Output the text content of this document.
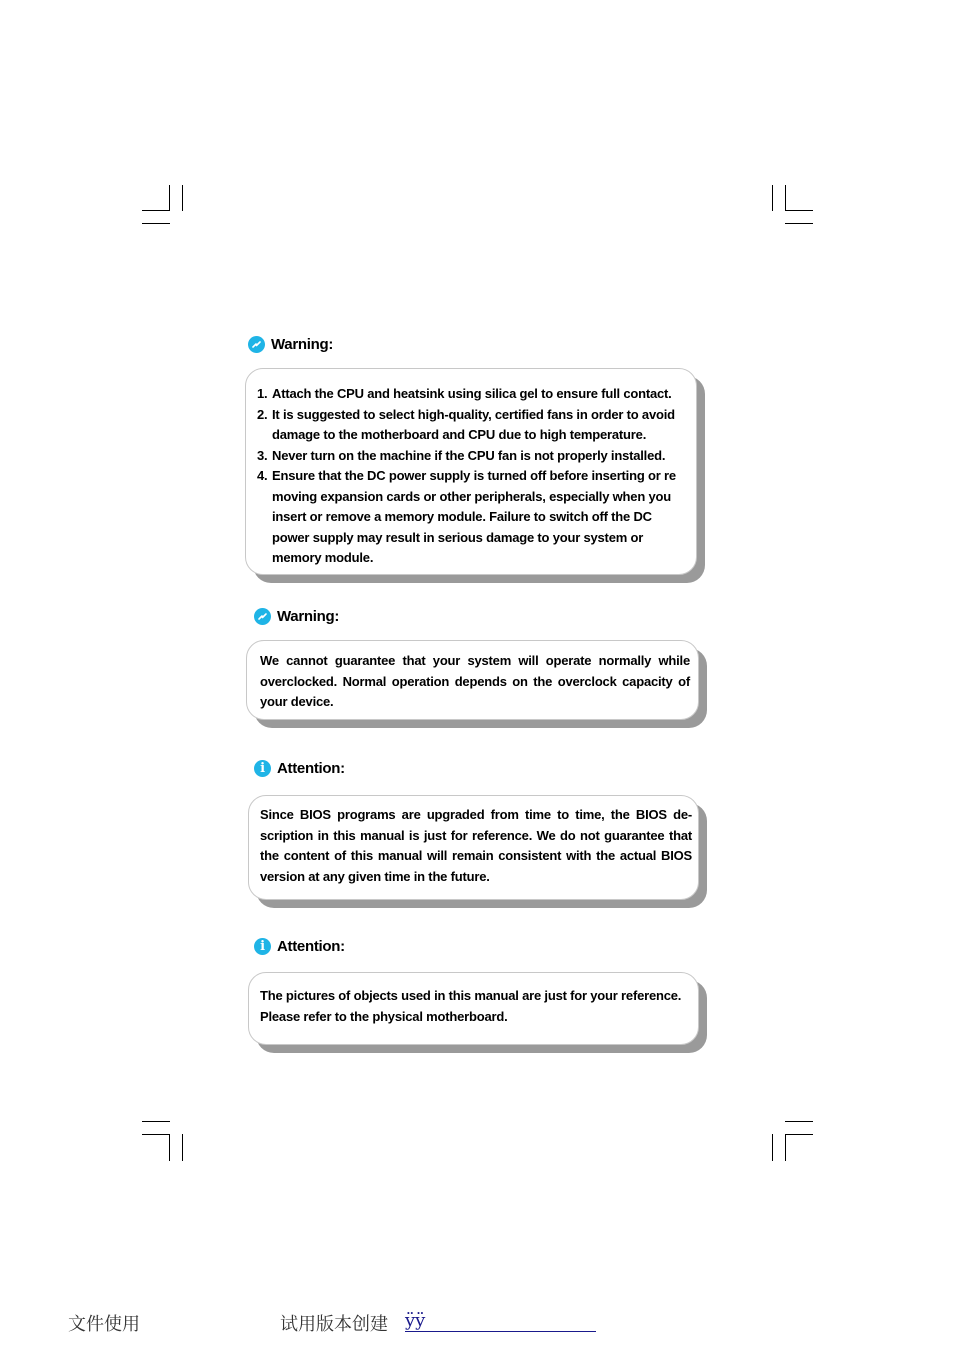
Warning:
1. Attach the CPU and heatsink using silica gel to ensure full contact.
2. It is suggested to select high-quality, certified fans in order to avoid damage to the motherboard and CPU due to high temperature.
3. Never turn on the machine if the CPU fan is not properly installed.
4. Ensure that the DC power supply is turned off before inserting or re moving expansion cards or other peripherals, especially when you insert or remove a memory module. Failure to switch off the DC power supply may result in serious damage to your system or memory module.
Warning:
We cannot guarantee that your system will operate normally while overclocked. Normal operation depends on the overclock capacity of your device.
i Attention:
Since BIOS programs are upgraded from time to time, the BIOS de-scription in this manual is just for reference. We do not guarantee that the content of this manual will remain consistent with the actual BIOS version at any given time in the future.
i Attention:
The pictures of objects used in this manual are just for your reference. Please refer to the physical motherboard.
文件使用	试用版本创建 ÿÿ
